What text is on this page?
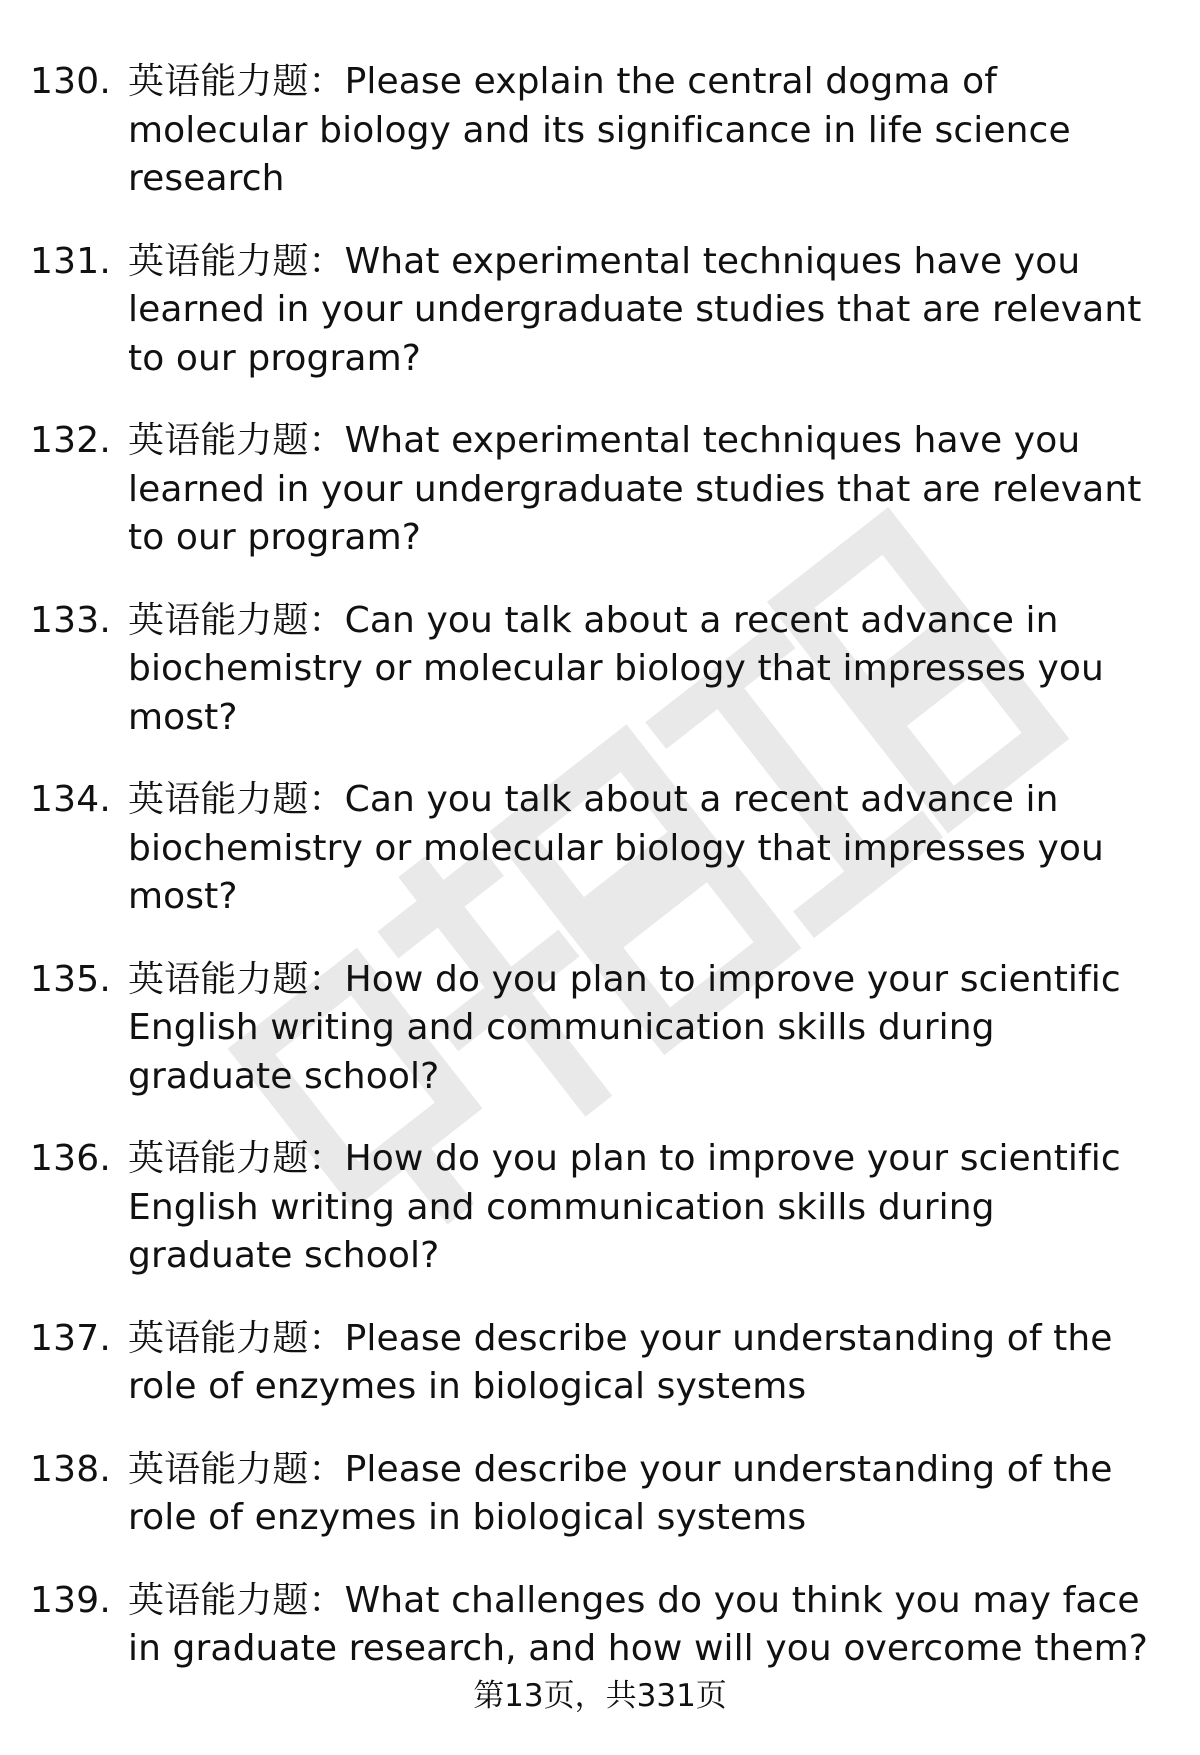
130. 英语能力题：Please explain the central dogma of molecular biology and its significance in life science research
131. 英语能力题：What experimental techniques have you learned in your undergraduate studies that are relevant to our program?
132. 英语能力题：What experimental techniques have you learned in your undergraduate studies that are relevant to our program?
133. 英语能力题：Can you talk about a recent advance in biochemistry or molecular biology that impresses you most?
134. 英语能力题：Can you talk about a recent advance in biochemistry or molecular biology that impresses you most?
135. 英语能力题：How do you plan to improve your scientific English writing and communication skills during graduate school?
136. 英语能力题：How do you plan to improve your scientific English writing and communication skills during graduate school?
137. 英语能力题：Please describe your understanding of the role of enzymes in biological systems
138. 英语能力题：Please describe your understanding of the role of enzymes in biological systems
139. 英语能力题：What challenges do you think you may face in graduate research, and how will you overcome them?
第13页，共331页
